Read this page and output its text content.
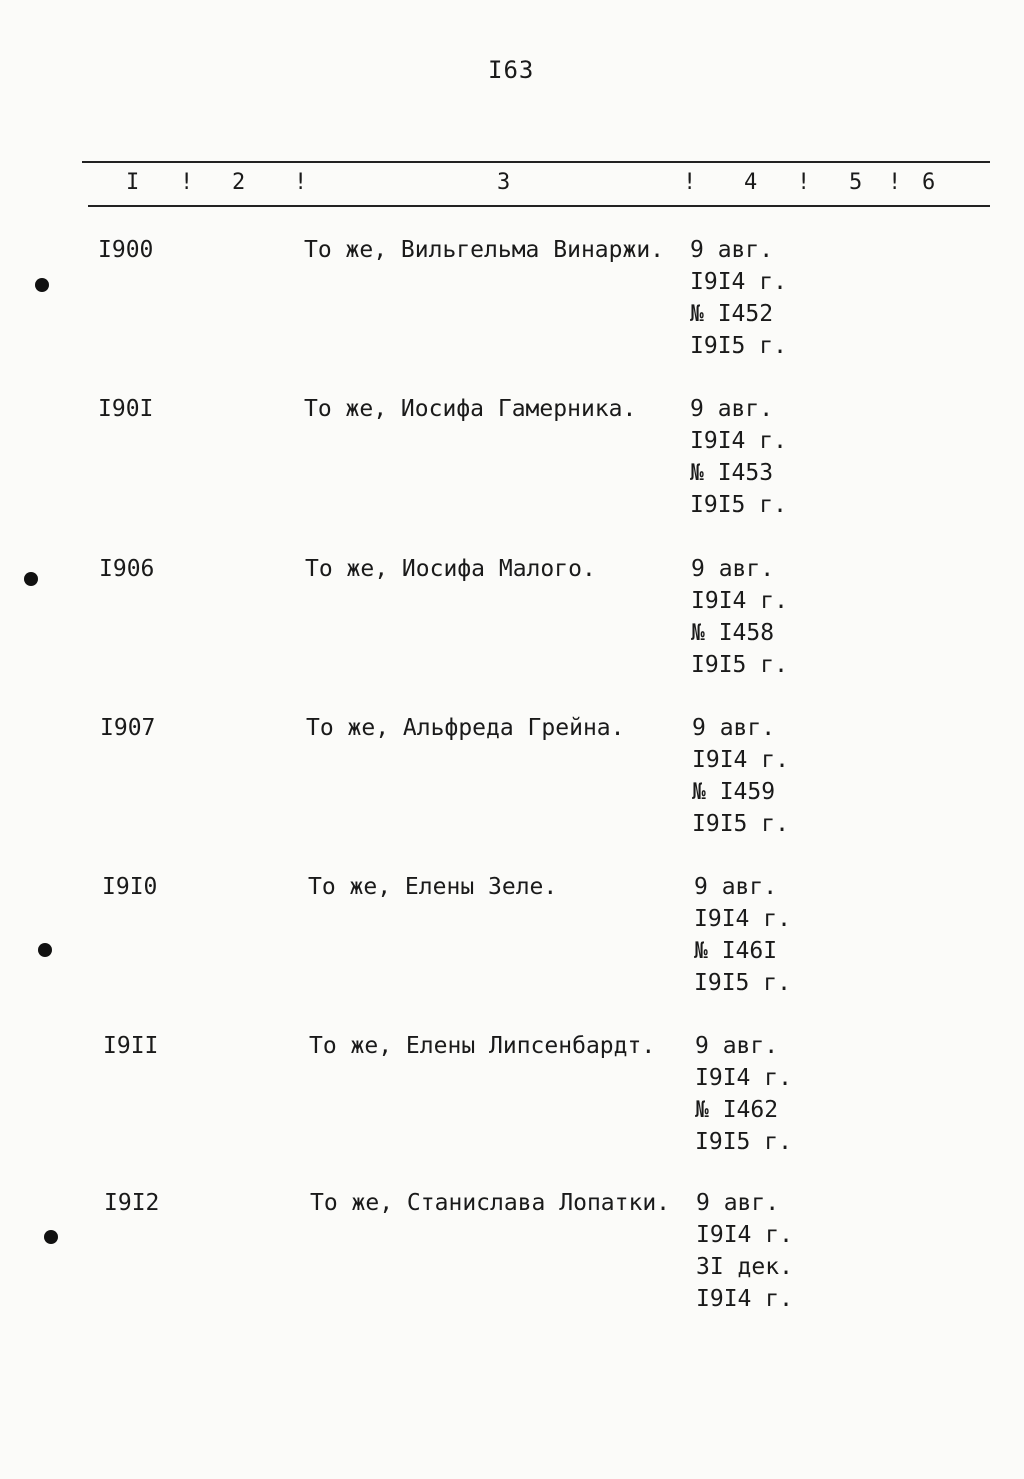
I63
I ! 2 !	3	! 4 ! 5 ! 6
I900	То же, Вильгельма Винаржи. 9 авг.
I9I4 г.
№ I452
I9I5 г.
I90I	То же, Иосифа Гамерника. 9 авг.
I9I4 г.
№ I453
I9I5 г.
I906	То же, Иосифа Малого.	9 авг.
I9I4 г.
№ I458
I9I5 г.
I907	То же, Альфреда Грейна.	9 авг.
I9I4 г.
№ I459
I9I5 г.
I9I0	То же, Елены Зеле.	9 авг.
I9I4 г.
№ I46I
I9I5 г.
I9II	То же, Елены Липсенбардт. 9 авг.
I9I4 г.
№ I462
I9I5 г.
I9I2	То же, Станислава Лопатки. 9 авг.
I9I4 г.
3I дек.
I9I4 г.
